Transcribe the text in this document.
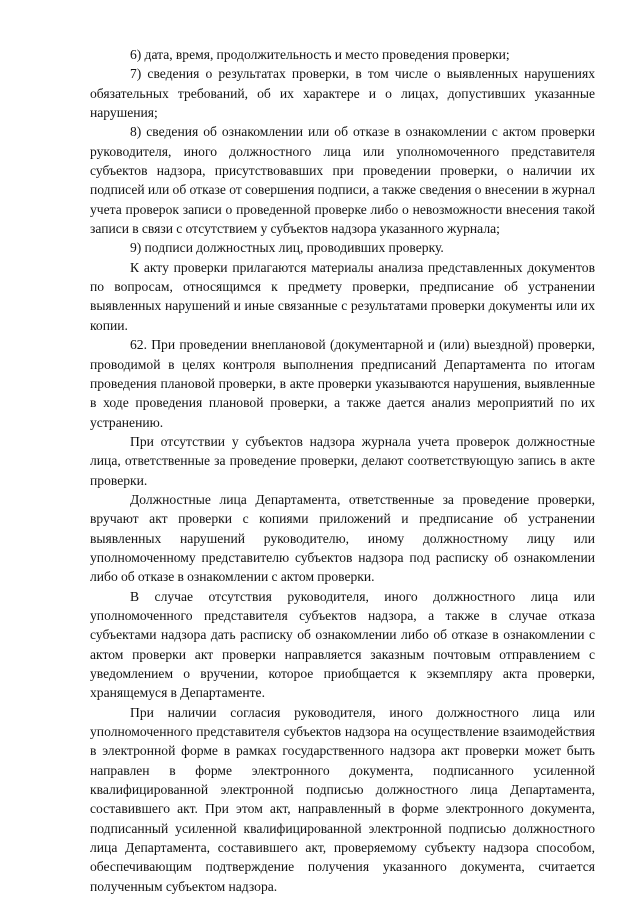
6) дата, время, продолжительность и место проведения проверки;

7) сведения о результатах проверки, в том числе о выявленных нарушениях обязательных требований, об их характере и о лицах, допустивших указанные нарушения;

8) сведения об ознакомлении или об отказе в ознакомлении с актом проверки руководителя, иного должностного лица или уполномоченного представителя субъектов надзора, присутствовавших при проведении проверки, о наличии их подписей или об отказе от совершения подписи, а также сведения о внесении в журнал учета проверок записи о проведенной проверке либо о невозможности внесения такой записи в связи с отсутствием у субъектов надзора указанного журнала;

9) подписи должностных лиц, проводивших проверку.

К акту проверки прилагаются материалы анализа представленных документов по вопросам, относящимся к предмету проверки, предписание об устранении выявленных нарушений и иные связанные с результатами проверки документы или их копии.

62. При проведении внеплановой (документарной и (или) выездной) проверки, проводимой в целях контроля выполнения предписаний Департамента по итогам проведения плановой проверки, в акте проверки указываются нарушения, выявленные в ходе проведения плановой проверки, а также дается анализ мероприятий по их устранению.

При отсутствии у субъектов надзора журнала учета проверок должностные лица, ответственные за проведение проверки, делают соответствующую запись в акте проверки.

Должностные лица Департамента, ответственные за проведение проверки, вручают акт проверки с копиями приложений и предписание об устранении выявленных нарушений руководителю, иному должностному лицу или уполномоченному представителю субъектов надзора под расписку об ознакомлении либо об отказе в ознакомлении с актом проверки.

В случае отсутствия руководителя, иного должностного лица или уполномоченного представителя субъектов надзора, а также в случае отказа субъектами надзора дать расписку об ознакомлении либо об отказе в ознакомлении с актом проверки акт проверки направляется заказным почтовым отправлением с уведомлением о вручении, которое приобщается к экземпляру акта проверки, хранящемуся в Департаменте.

При наличии согласия руководителя, иного должностного лица или уполномоченного представителя субъектов надзора на осуществление взаимодействия в электронной форме в рамках государственного надзора акт проверки может быть направлен в форме электронного документа, подписанного усиленной квалифицированной электронной подписью должностного лица Департамента, составившего акт. При этом акт, направленный в форме электронного документа, подписанный усиленной квалифицированной электронной подписью должностного лица Департамента, составившего акт, проверяемому субъекту надзора способом, обеспечивающим подтверждение получения указанного документа, считается полученным субъектом надзора.
